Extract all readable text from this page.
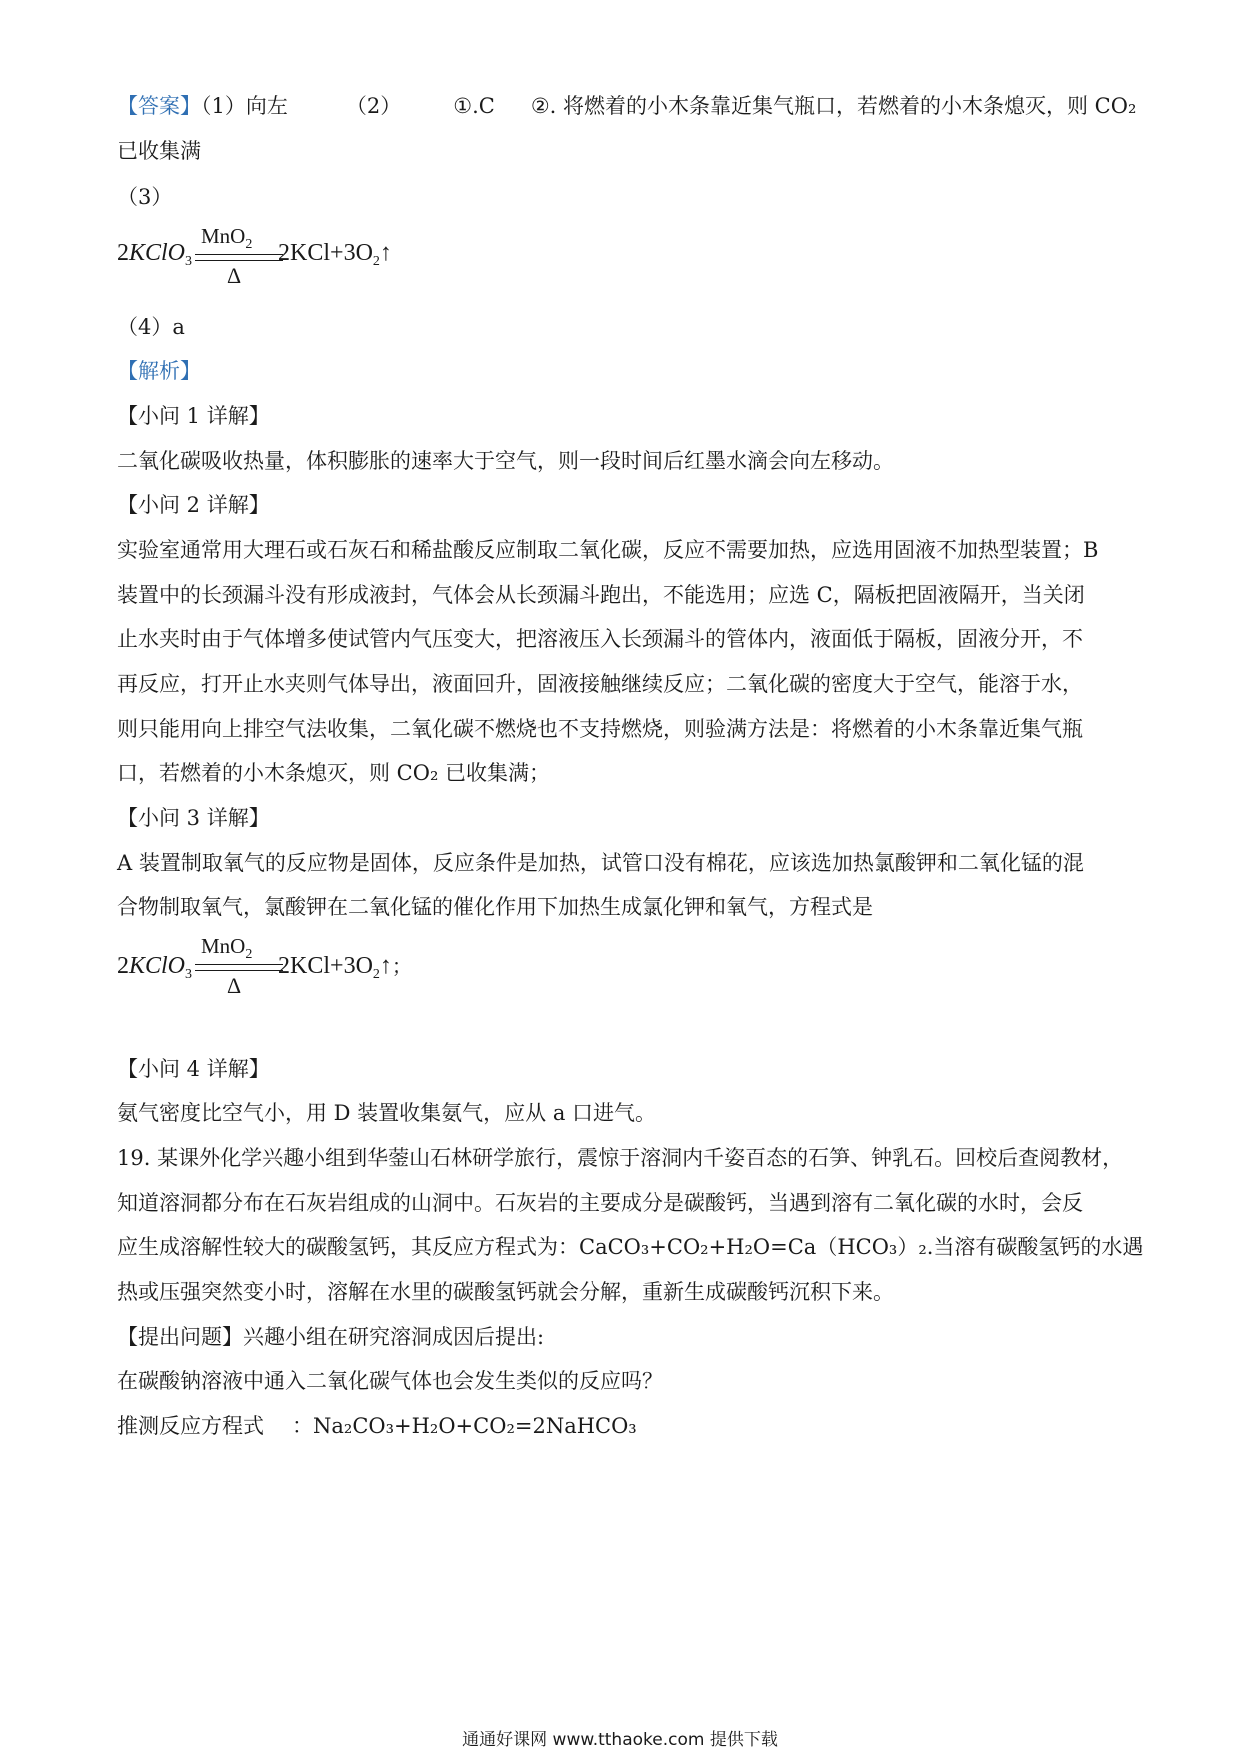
【答案】（1）向左	（2） ①.C ②. 将燃着的小木条靠近集气瓶口，若燃着的小木条熄灭，则 CO₂
已收集满
（3）
MnO$_2$
Δ
2KClO$_3$	$2KCl+3O_2↑$
（4）a
【解析】
【小问 1 详解】
二氧化碳吸收热量，体积膨胀的速率大于空气，则一段时间后红墨水滴会向左移动。
【小问 2 详解】
实验室通常用大理石或石灰石和稀盐酸反应制取二氧化碳，反应不需要加热，应选用固液不加热型装置；B
装置中的长颈漏斗没有形成液封，气体会从长颈漏斗跑出，不能选用；应选 C，隔板把固液隔开，当关闭
止水夹时由于气体增多使试管内气压变大，把溶液压入长颈漏斗的管体内，液面低于隔板，固液分开，不
再反应，打开止水夹则气体导出，液面回升，固液接触继续反应；二氧化碳的密度大于空气，能溶于水，
则只能用向上排空气法收集，二氧化碳不燃烧也不支持燃烧，则验满方法是：将燃着的小木条靠近集气瓶
口，若燃着的小木条熄灭，则 CO₂ 已收集满；
【小问 3 详解】
A 装置制取氧气的反应物是固体，反应条件是加热，试管口没有棉花，应该选加热氯酸钾和二氧化锰的混
合物制取氧气，氯酸钾在二氧化锰的催化作用下加热生成氯化钾和氧气，方程式是
MnO$_2$
Δ
2KClO$_3$	$2KCl+3O_2↑$；
【小问 4 详解】
氨气密度比空气小，用 D 装置收集氨气，应从 a 口进气。
19. 某课外化学兴趣小组到华蓥山石林研学旅行，震惊于溶洞内千姿百态的石笋、钟乳石。回校后查阅教材，
知道溶洞都分布在石灰岩组成的山洞中。石灰岩的主要成分是碳酸钙，当遇到溶有二氧化碳的水时，会反
应生成溶解性较大的碳酸氢钙，其反应方程式为：CaCO₃+CO₂+H₂O=Ca（HCO₃）₂.当溶有碳酸氢钙的水遇
热或压强突然变小时，溶解在水里的碳酸氢钙就会分解，重新生成碳酸钙沉积下来。
【提出问题】兴趣小组在研究溶洞成因后提出:
在碳酸钠溶液中通入二氧化碳气体也会发生类似的反应吗？
推测反应方程式 ：Na₂CO₃+H₂O+CO₂=2NaHCO₃
通通好课网 www.tthaoke.com 提供下载
